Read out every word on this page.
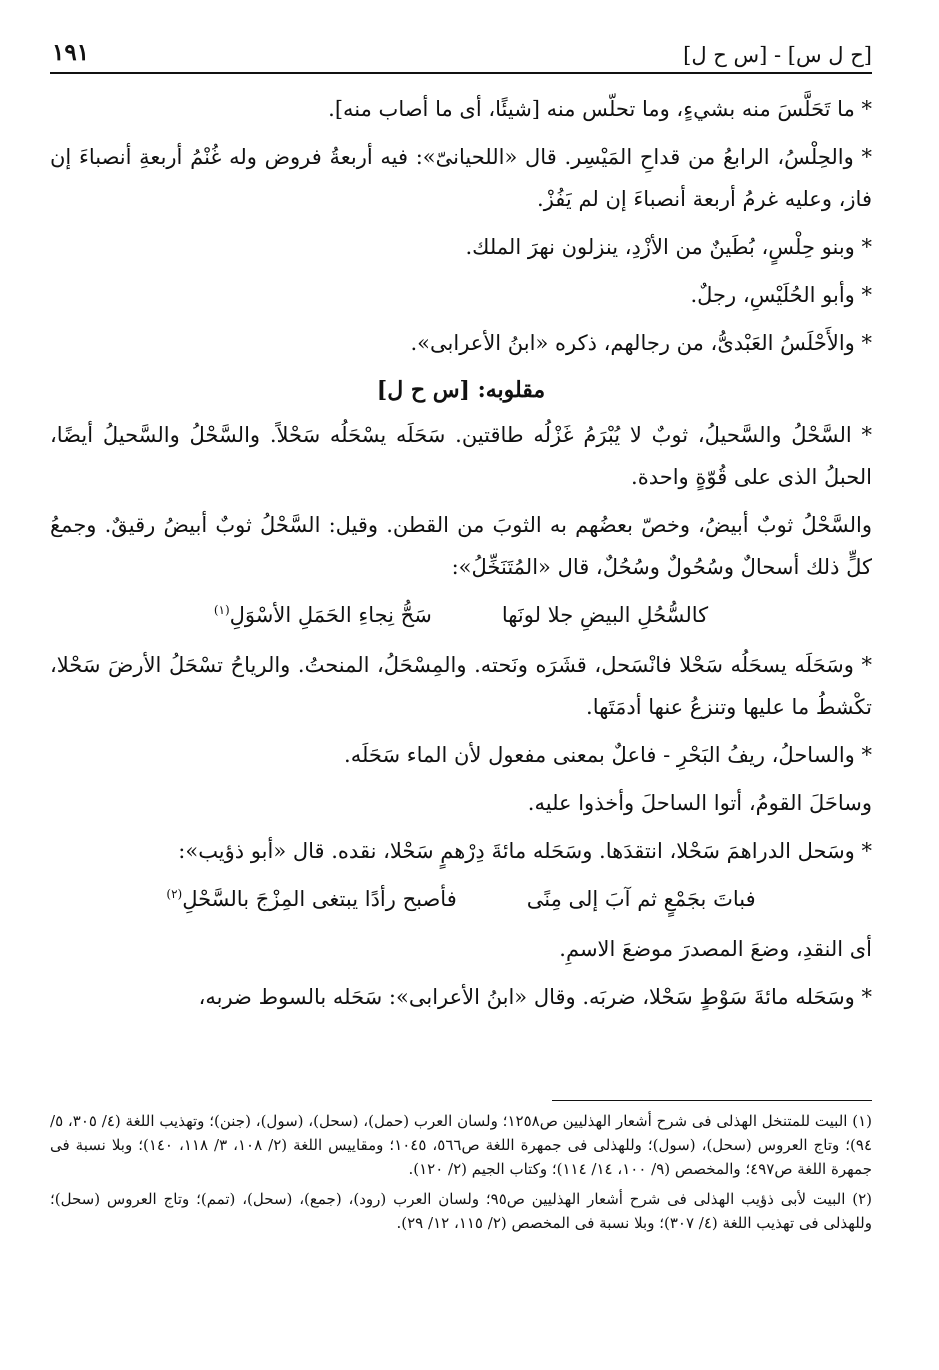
[ح ل س] - [س ح ل]
١٩١

* ما تَحَلَّسَ منه بشيءٍ، وما تحلّس منه [شيئًا، أى ما أصاب منه].

* والحِلْسُ، الرابعُ من قداحِ المَيْسِر. قال «اللحيانىّ»: فيه أربعةُ فروض وله غُنْمُ أربعةِ أنصباءَ إن فاز، وعليه غرمُ أربعة أنصباءَ إن لم يَفُزْ.

* وبنو حِلْسٍ، بُطَينٌ من الأزْدِ، ينزلون نهرَ الملك.

* وأبو الحُلَيْسِ، رجلٌ.

* والأَحْلَسُ العَبْدىُّ، من رجالهم، ذكره «ابنُ الأعرابى».

مقلوبه: [س ح ل]

* السَّحْلُ والسَّحيلُ، ثوبٌ لا يُبْرَمُ غَزْلُه طاقتين. سَحَلَه يسْحَلُه سَحْلاً. والسَّحْلُ والسَّحيلُ أيضًا، الحبلُ الذى على قُوّةٍ واحدة.

والسَّحْلُ ثوبٌ أبيضُ، وخصّ بعضُهم به الثوبَ من القطن. وقيل: السَّحْلُ ثوبٌ أبيضُ رقيقٌ. وجمعُ كلٍّ ذلك أسحالٌ وسُحُولٌ وسُحُلٌ، قال «المُتَنَخِّلُ»:

كالسُّحُلِ البيضِ جلا لونَها
سَحُّ نِجاءِ الحَمَلِ الأسْوَلِ$^{(١)}$

* وسَحَلَه يسحَلُه سَحْلا فانْسَحل، قشَرَه ونَحته. والمِسْحَلُ، المنحتُ. والرياحُ تسْحَلُ الأرضَ سَحْلا، تكْشطُ ما عليها وتنزعُ عنها أدمَتَها.

* والساحلُ، ريفُ البَحْرِ - فاعلٌ بمعنى مفعول لأن الماء سَحَلَه.

وساحَلَ القومُ، أتوا الساحلَ وأخذوا عليه.

* وسَحل الدراهمَ سَحْلا، انتقدَها. وسَحَله مائةَ دِرْهمٍ سَحْلا، نقده. قال «أبو ذؤيب»:

فباتَ بجَمْعٍ ثم آبَ إلى مِنًى
فأصبح رأدًا يبتغى المِزْجَ بالسَّحْلِ$^{(٢)}$

أى النقدِ، وضعَ المصدرَ موضعَ الاسمِ.

* وسَحَله مائةَ سَوْطٍ سَحْلا، ضربَه. وقال «ابنُ الأعرابى»: سَحَله بالسوط ضربه،

(١) البيت للمتنخل الهذلى فى شرح أشعار الهذليين ص١٢٥٨؛ ولسان العرب (حمل)، (سحل)، (سول)، (جنن)؛ وتهذيب اللغة (٤/ ٣٠٥، ٥/ ٩٤)؛ وتاج العروس (سحل)، (سول)؛ وللهذلى فى جمهرة اللغة ص٥٦٦، ١٠٤٥؛ ومقاييس اللغة (٢/ ١٠٨، ٣/ ١١٨، ١٤٠)؛ وبلا نسبة فى جمهرة اللغة ص٤٩٧؛ والمخصص (٩/ ١٠٠، ١٤/ ١١٤)؛ وكتاب الجيم (٢/ ١٢٠).

(٢) البيت لأبى ذؤيب الهذلى فى شرح أشعار الهذليين ص٩٥؛ ولسان العرب (رود)، (جمع)، (سحل)، (تمم)؛ وتاج العروس (سحل)؛ وللهذلى فى تهذيب اللغة (٤/ ٣٠٧)؛ وبلا نسبة فى المخصص (٢/ ١١٥، ١٢/ ٢٩).
